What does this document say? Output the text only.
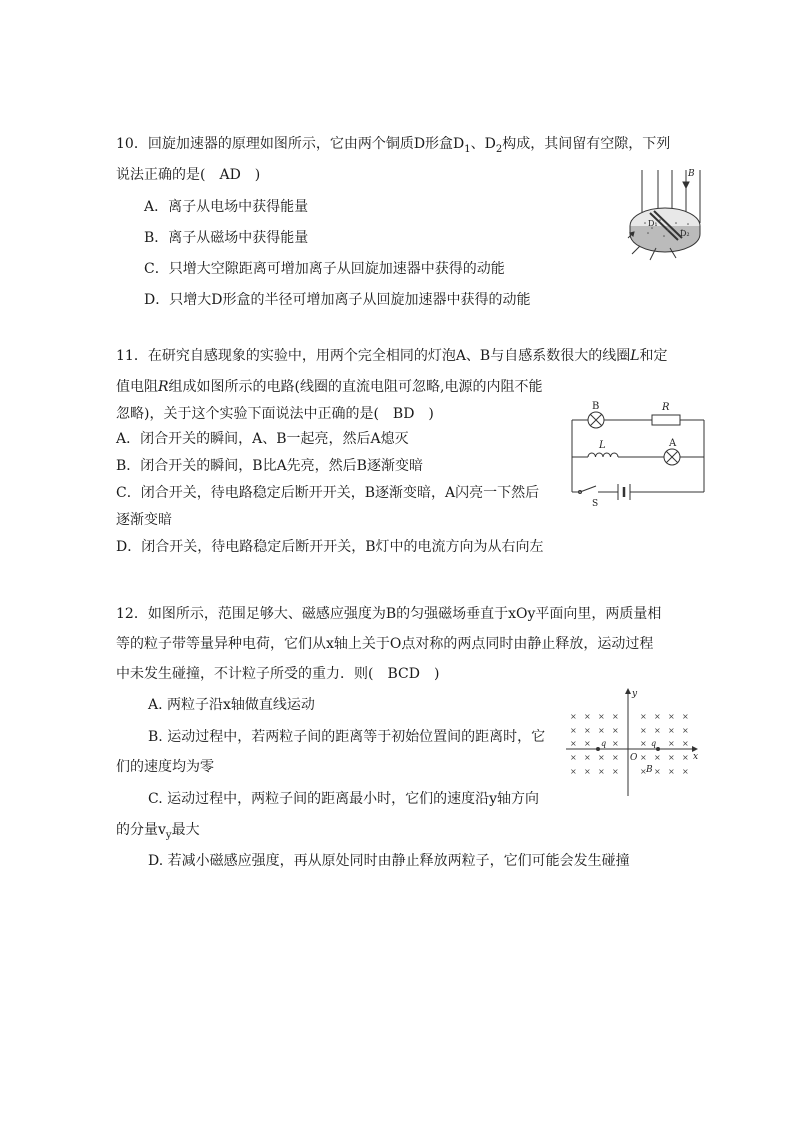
10．回旋加速器的原理如图所示，它由两个铜质D形盒$D_1$、$D_2$构成，其间留有空隙，下列
说法正确的是(　AD　)
A．离子从电场中获得能量
B．离子从磁场中获得能量
C．只增大空隙距离可增加离子从回旋加速器中获得的动能
D．只增大D形盒的半径可增加离子从回旋加速器中获得的动能
B
D₁
D₂
11．在研究自感现象的实验中，用两个完全相同的灯泡A、B与自感系数很大的线圈L和定
值电阻R组成如图所示的电路(线圈的直流电阻可忽略,电源的内阻不能
忽略)，关于这个实验下面说法中正确的是(　BD　)
A．闭合开关的瞬间，A、B一起亮，然后A熄灭
B．闭合开关的瞬间，B比A先亮，然后B逐渐变暗
C．闭合开关，待电路稳定后断开开关，B逐渐变暗，A闪亮一下然后
逐渐变暗
D．闭合开关，待电路稳定后断开开关，B灯中的电流方向为从右向左
B	R
L	A
S
12．如图所示，范围足够大、磁感应强度为B的匀强磁场垂直于xOy平面向里，两质量相
等的粒子带等量异种电荷，它们从x轴上关于O点对称的两点同时由静止释放，运动过程
中未发生碰撞，不计粒子所受的重力．则(　BCD　)
A. 两粒子沿x轴做直线运动
B. 运动过程中，若两粒子间的距离等于初始位置间的距离时，它
们的速度均为零
C. 运动过程中，两粒子间的距离最小时，它们的速度沿y轴方向
的分量$v_y$最大
D. 若减小磁感应强度，再从原处同时由静止释放两粒子，它们可能会发生碰撞
× × × ×	× × × ×
× × × ×	× × × ×
× × × ×	× × × ×
× × × ×	× × × ×
× ×	×	×	× ×
y
x
O
B
q	q
